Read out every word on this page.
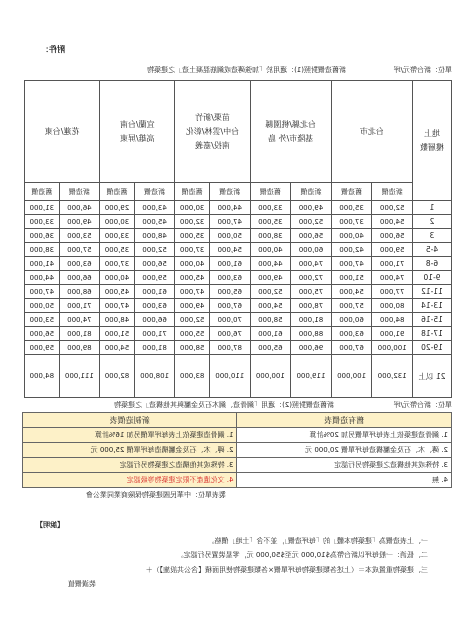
附件：
新舊造價對照(1)：適用於「加強磚造或鋼筋混凝土造」之建築物	單位：新台幣元/坪
地上
樓層數	台北市		台北縣/桃園縣
基隆市/外 島		苗栗/新竹
台中/雲林/彰化
南投/嘉義		宜蘭/台南
高雄/屏東		花蓮/台東	
	新造價	舊造價	新造價	舊造價	新造價	舊造價	新造價	舊造價	新造價	舊造價
1	52,000	35,000	49,000	33,000	44,000	30,000	43,000	29,000	46,000	31,000
2	54,000	37,000	52,000	35,000	47,000	32,000	45,000	30,000	49,000	33,000
3	56,000	40,000	56,000	38,000	50,000	35,000	48,000	33,000	53,000	36,000
4-5	59,000	42,000	60,000	40,000	54,000	37,000	52,000	35,000	57,000	38,000
6-8	71,000	47,000	74,000	44,000	61,000	40,000	56,000	37,000	63,000	41,000
9-10	74,000	51,000	72,000	49,000	63,000	45,000	59,000	40,000	66,000	44,000
11-12	77,000	54,000	75,000	52,000	65,000	47,000	61,000	45,000	68,000	47,000
13-14	80,000	57,000	78,000	54,000	67,000	49,000	63,000	47,000	71,000	50,000
15-16	84,000	60,000	81,000	58,000	70,000	52,000	66,000	48,000	74,000	53,000
17-18	91,000	63,000	88,000	61,000	76,000	55,000	71,000	51,000	81,000	56,000
19-20	100,000	67,000	96,000	65,000	87,000	58,000	81,000	54,000	89,000	59,000
21 以上	132,000	100,000	119,000	100,000	110,000	83,000	108,000	82,000	111,000	84,000
新舊造價對照(2)：適用「鋼骨造、鋼木石及金屬與其他構造」之建築物	單位：新台幣元/坪
舊有造價表	新制造價表
1. 鋼骨造建築依上表每坪單價另加 20%計算	1. 鋼骨造建築依上表每坪單價另加 16%計算
2. 磚、木、石及金屬構造每坪單價 20,000 元	2. 磚、木、石及金屬構造每坪單價 25,000 元
3. 特殊或其他構造之建築物另行認定	3. 特殊或其他構造之建築物另行認定
4. 無	4. 文化遺產不限定建築物等級認定
製表單位：中華民國建築物保險商業同業公會
【說明】
一、上表造價為「建築物本體」的「每坪造價」，並不含「土地」價格。
二、低消：一般每坪以新台幣為$10,000 元至$50,000 元，零星裝置另行認定。
三、建築物重置成本＝（上述各類建築物每坪單價×各類建築物使用面積【含公共設施】）＋
裝潢價值
